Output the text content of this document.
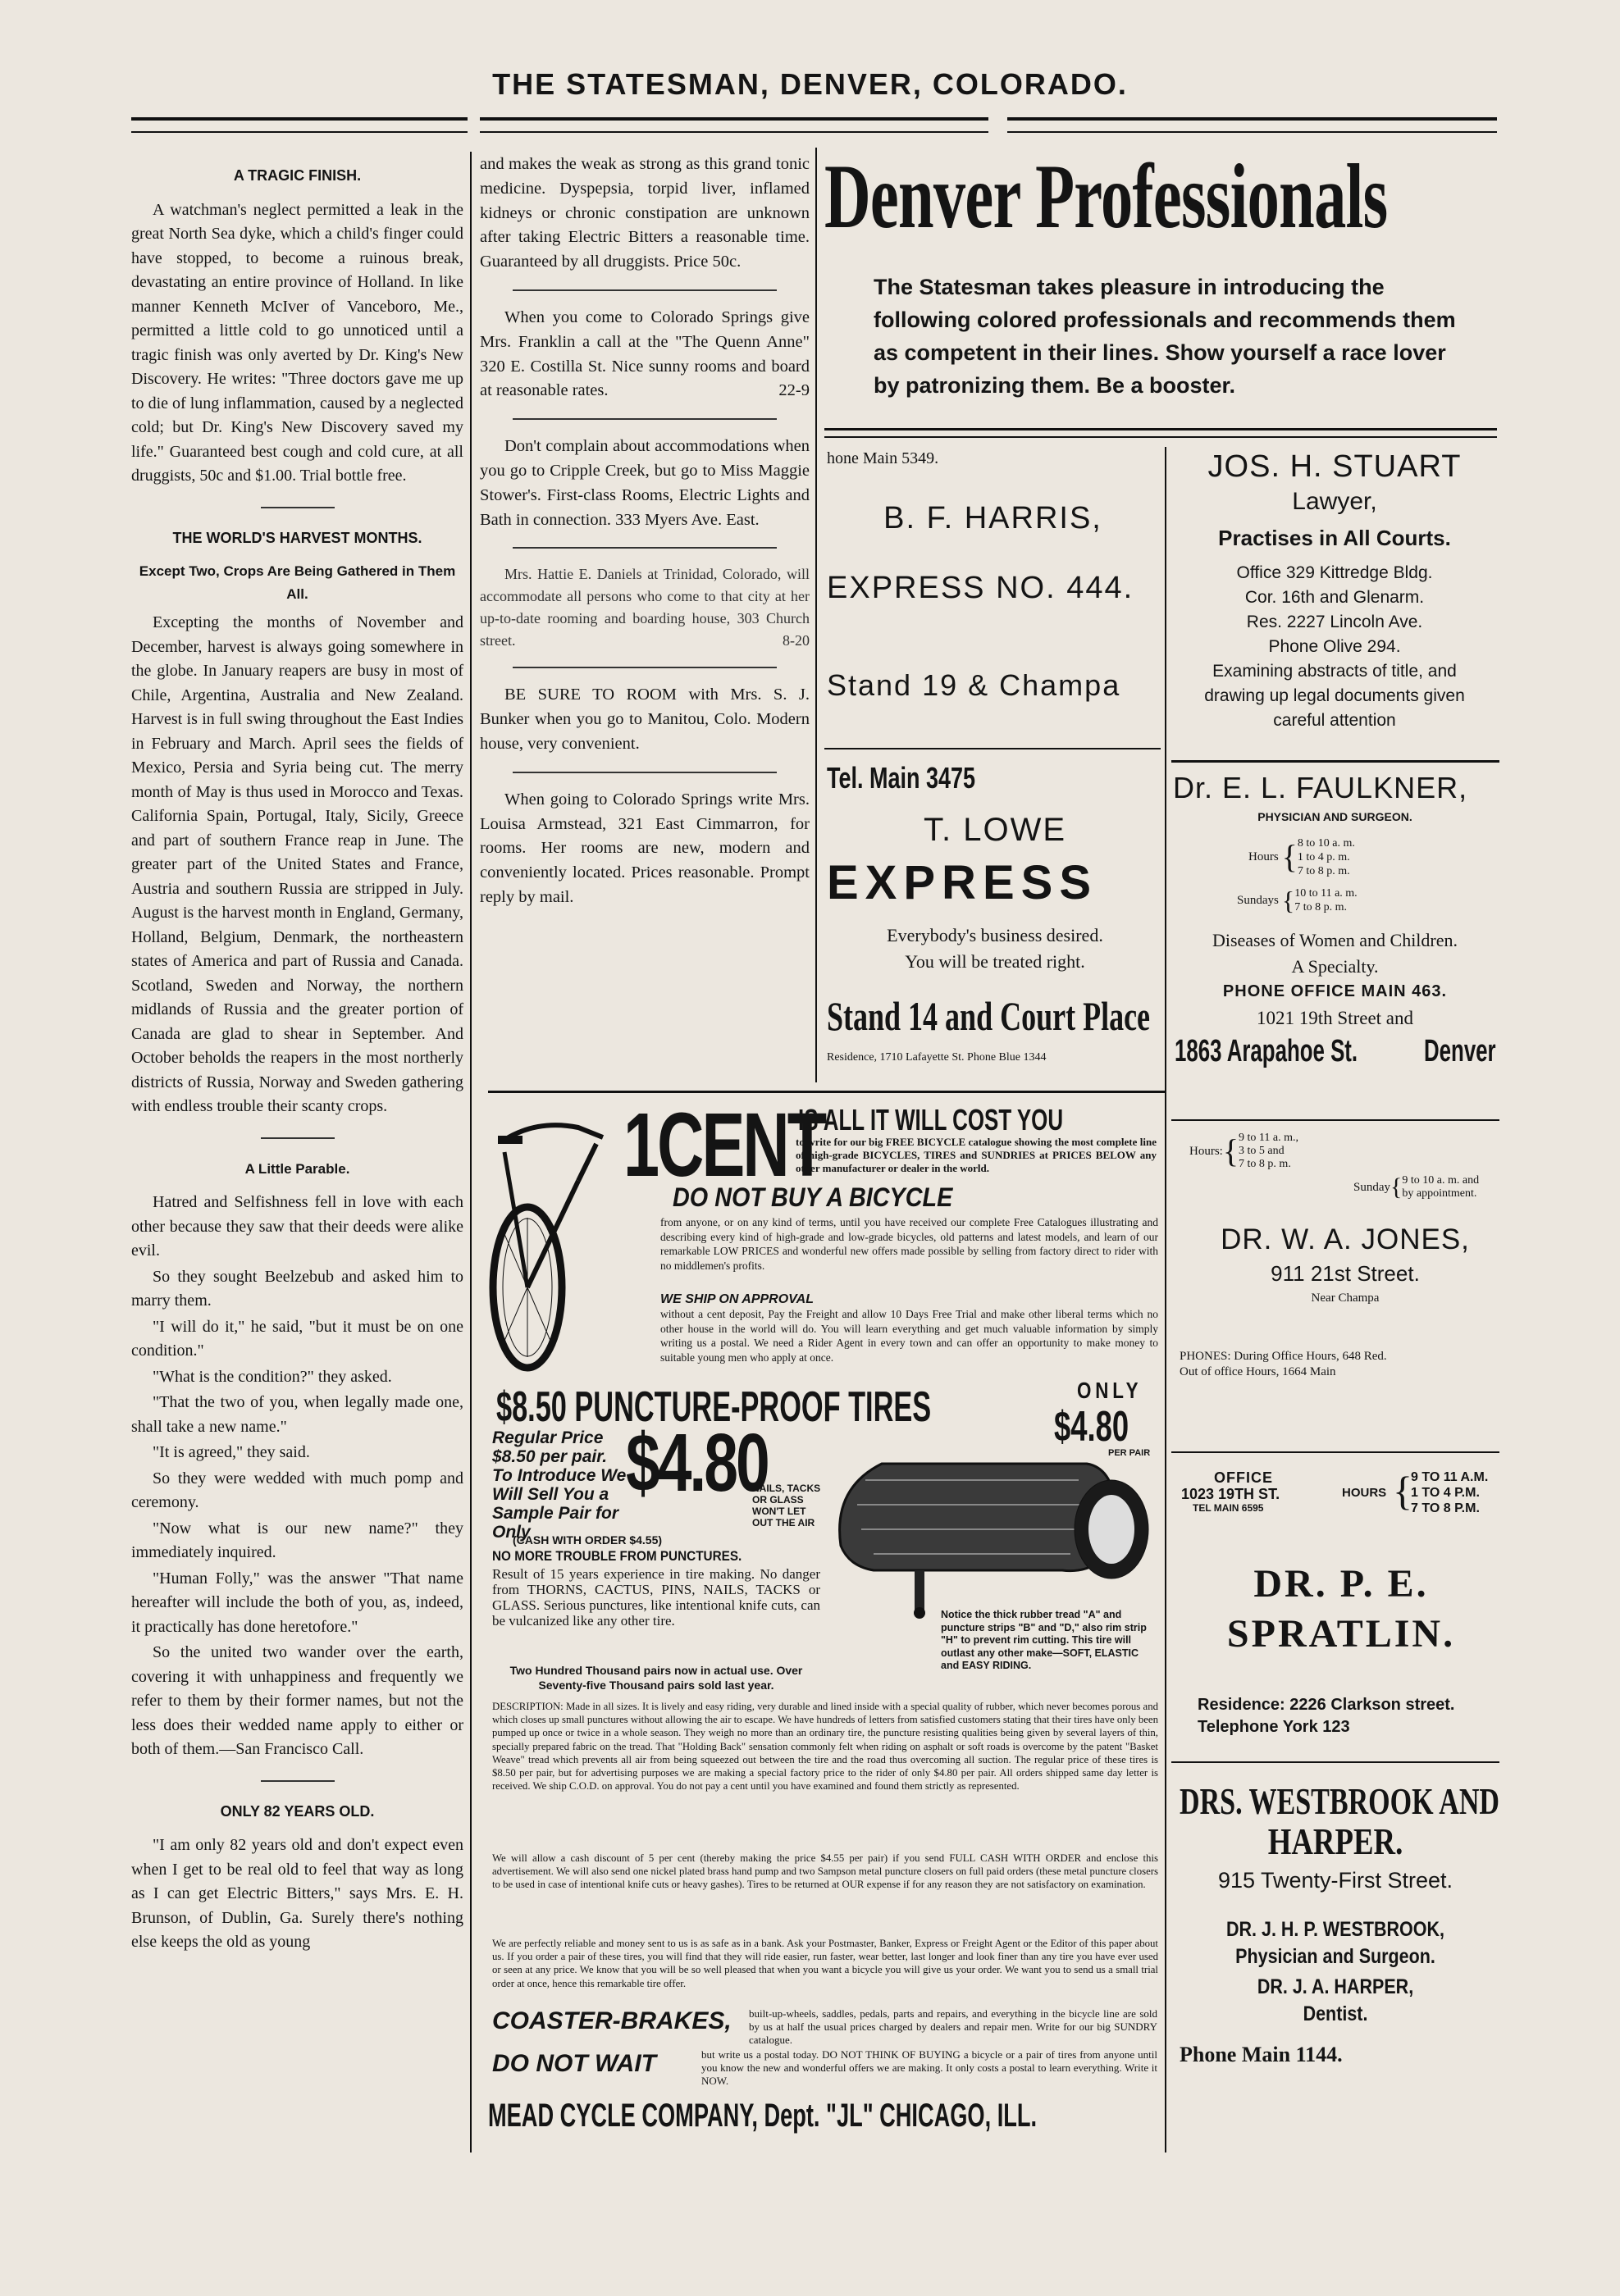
THE STATESMAN, DENVER, COLORADO.
A TRAGIC FINISH.

A watchman's neglect permitted a leak in the great North Sea dyke, which a child's finger could have stopped, to become a ruinous break, devastating an entire province of Holland. In like manner Kenneth McIver of Vanceboro, Me., permitted a little cold to go unnoticed until a tragic finish was only averted by Dr. King's New Discovery. He writes: "Three doctors gave me up to die of lung inflammation, caused by a neglected cold; but Dr. King's New Discovery saved my life." Guaranteed best cough and cold cure, at all druggists, 50c and $1.00. Trial bottle free.

THE WORLD'S HARVEST MONTHS.
Except Two, Crops Are Being Gathered in Them All.

Excepting the months of November and December, harvest is always going somewhere in the globe. In January reapers are busy in most of Chile, Argentina, Australia and New Zealand. Harvest is in full swing throughout the East Indies in February and March. April sees the fields of Mexico, Persia and Syria being cut. The merry month of May is thus used in Morocco and Texas. California Spain, Portugal, Italy, Sicily, Greece and part of southern France reap in June. The greater part of the United States and France, Austria and southern Russia are stripped in July. August is the harvest month in England, Germany, Holland, Belgium, Denmark, the northeastern states of America and part of Russia and Canada. Scotland, Sweden and Norway, the northern midlands of Russia and the greater portion of Canada are glad to shear in September. And October beholds the reapers in the most northerly districts of Russia, Norway and Sweden gathering with endless trouble their scanty crops.

A Little Parable.

Hatred and Selfishness fell in love with each other because they saw that their deeds were alike evil.

So they sought Beelzebub and asked him to marry them.

"I will do it," he said, "but it must be on one condition."

"What is the condition?" they asked.

"That the two of you, when legally made one, shall take a new name."

"It is agreed," they said.

So they were wedded with much pomp and ceremony.

"Now what is our new name?" they immediately inquired.

"Human Folly," was the answer "That name hereafter will include the both of you, as, indeed, it practically has done heretofore."

So the united two wander over the earth, covering it with unhappiness and frequently we refer to them by their former names, but not the less does their wedded name apply to either or both of them.—San Francisco Call.

ONLY 82 YEARS OLD.

"I am only 82 years old and don't expect even when I get to be real old to feel that way as long as I can get Electric Bitters," says Mrs. E. H. Brunson, of Dublin, Ga. Surely there's nothing else keeps the old as young

and makes the weak as strong as this grand tonic medicine. Dyspepsia, torpid liver, inflamed kidneys or chronic constipation are unknown after taking Electric Bitters a reasonable time. Guaranteed by all druggists. Price 50c.

When you come to Colorado Springs give Mrs. Franklin a call at the "The Quenn Anne" 320 E. Costilla St. Nice sunny rooms and board at reasonable rates.	22-9

Don't complain about accommodations when you go to Cripple Creek, but go to Miss Maggie Stower's. First-class Rooms, Electric Lights and Bath in connection. 333 Myers Ave. East.

Mrs. Hattie E. Daniels at Trinidad, Colorado, will accommodate all persons who come to that city at her up-to-date rooming and boarding house, 303 Church street.	8-20

BE SURE TO ROOM with Mrs. S. J. Bunker when you go to Manitou, Colo. Modern house, very convenient.

When going to Colorado Springs write Mrs. Louisa Armstead, 321 East Cimmarron, for rooms. Her rooms are new, modern and conveniently located. Prices reasonable. Prompt reply by mail.

Denver Professionals
The Statesman takes pleasure in introducing the following colored professionals and recommends them as competent in their lines. Show yourself a race lover by patronizing them. Be a booster.
hone Main 5349.
B. F. HARRIS,
EXPRESS NO. 444.
Stand 19 & Champa
Tel. Main 3475
T. LOWE
EXPRESS
Everybody's business desired.
You will be treated right.
Stand 14 and Court Place
Residence, 1710 Lafayette St. Phone Blue 1344
JOS. H. STUART
Lawyer,
Practises in All Courts.
Office 329 Kittredge Bldg.
Cor. 16th and Glenarm.
Res. 2227 Lincoln Ave.
Phone Olive 294.
Examining abstracts of title, and drawing up legal documents given careful attention
Dr. E. L. FAULKNER,
PHYSICIAN AND SURGEON.
Hours { 8 to 10 a. m.
1 to 4 p. m.
7 to 8 p. m.
Sundays { 10 to 11 a. m.
7 to 8 p. m.
Diseases of Women and Children.
A Specialty.
PHONE OFFICE MAIN 463.
1021 19th Street and
1863 Arapahoe St. Denver
Hours: { 9 to 11 a. m.,
3 to 5 and
7 to 8 p. m.
Sunday { 9 to 10 a. m. and
by appointment.
DR. W. A. JONES,
911 21st Street.
Near Champa
PHONES: During Office Hours, 648 Red.
Out of office Hours, 1664 Main
OFFICE
1023 19TH ST.
TEL MAIN 6595
HOURS {
9 TO 11 A.M.
1 TO 4 P.M.
7 TO 8 P.M.
DR. P. E.
SPRATLIN.
Residence: 2226 Clarkson street.
Telephone York 123
DRS. WESTBROOK AND
HARPER.
915 Twenty-First Street.
DR. J. H. P. WESTBROOK,
Physician and Surgeon.
DR. J. A. HARPER,
Dentist.
Phone Main 1144.
1CENT
IS ALL IT WILL COST YOU
to write for our big FREE BICYCLE catalogue showing the most complete line of high-grade BICYCLES, TIRES and SUNDRIES at PRICES BELOW any other manufacturer or dealer in the world.
DO NOT BUY A BICYCLE
from anyone, or on any kind of terms, until you have received our complete Free Catalogues illustrating and describing every kind of high-grade and low-grade bicycles, old patterns and latest models, and learn of our remarkable LOW PRICES and wonderful new offers made possible by selling from factory direct to rider with no middlemen's profits.
WE SHIP ON APPROVAL
without a cent deposit, Pay the Freight and allow 10 Days Free Trial and make other liberal terms which no other house in the world will do. You will learn everything and get much valuable information by simply writing us a postal. We need a Rider Agent in every town and can offer an opportunity to make money to suitable young men who apply at once.
$8.50 PUNCTURE-PROOF TIRES	ONLY
$4.80
PER PAIR
Regular Price $8.50 per pair. To Introduce We Will Sell You a Sample Pair for Only
$4.80
NAILS, TACKS OR GLASS WON'T LET OUT THE AIR
(CASH WITH ORDER $4.55)
NO MORE TROUBLE FROM PUNCTURES.
Result of 15 years experience in tire making. No danger from THORNS, CACTUS, PINS, NAILS, TACKS or GLASS. Serious punctures, like intentional knife cuts, can be vulcanized like any other tire.
Two Hundred Thousand pairs now in actual use. Over Seventy-five Thousand pairs sold last year.
Notice the thick rubber tread "A" and puncture strips "B" and "D," also rim strip "H" to prevent rim cutting. This tire will outlast any other make—SOFT, ELASTIC and EASY RIDING.
DESCRIPTION: Made in all sizes. It is lively and easy riding, very durable and lined inside with a special quality of rubber, which never becomes porous and which closes up small punctures without allowing the air to escape. We have hundreds of letters from satisfied customers stating that their tires have only been pumped up once or twice in a whole season. They weigh no more than an ordinary tire, the puncture resisting qualities being given by several layers of thin, specially prepared fabric on the tread. That "Holding Back" sensation commonly felt when riding on asphalt or soft roads is overcome by the patent "Basket Weave" tread which prevents all air from being squeezed out between the tire and the road thus overcoming all suction. The regular price of these tires is $8.50 per pair, but for advertising purposes we are making a special factory price to the rider of only $4.80 per pair. All orders shipped same day letter is received. We ship C.O.D. on approval. You do not pay a cent until you have examined and found them strictly as represented.
We will allow a cash discount of 5 per cent (thereby making the price $4.55 per pair) if you send FULL CASH WITH ORDER and enclose this advertisement. We will also send one nickel plated brass hand pump and two Sampson metal puncture closers on full paid orders (these metal puncture closers to be used in case of intentional knife cuts or heavy gashes). Tires to be returned at OUR expense if for any reason they are not satisfactory on examination.
We are perfectly reliable and money sent to us is as safe as in a bank. Ask your Postmaster, Banker, Express or Freight Agent or the Editor of this paper about us. If you order a pair of these tires, you will find that they will ride easier, run faster, wear better, last longer and look finer than any tire you have ever used or seen at any price. We know that you will be so well pleased that when you want a bicycle you will give us your order. We want you to send us a small trial order at once, hence this remarkable tire offer.
COASTER-BRAKES, built-up-wheels, saddles, pedals, parts and repairs, and everything in the bicycle line are sold by us at half the usual prices charged by dealers and repair men. Write for our big SUNDRY catalogue.
DO NOT WAIT	but write us a postal today. DO NOT THINK OF BUYING a bicycle or a pair of tires from anyone until you know the new and wonderful offers we are making. It only costs a postal to learn everything. Write it NOW.
MEAD CYCLE COMPANY, Dept. "JL" CHICAGO, ILL.
